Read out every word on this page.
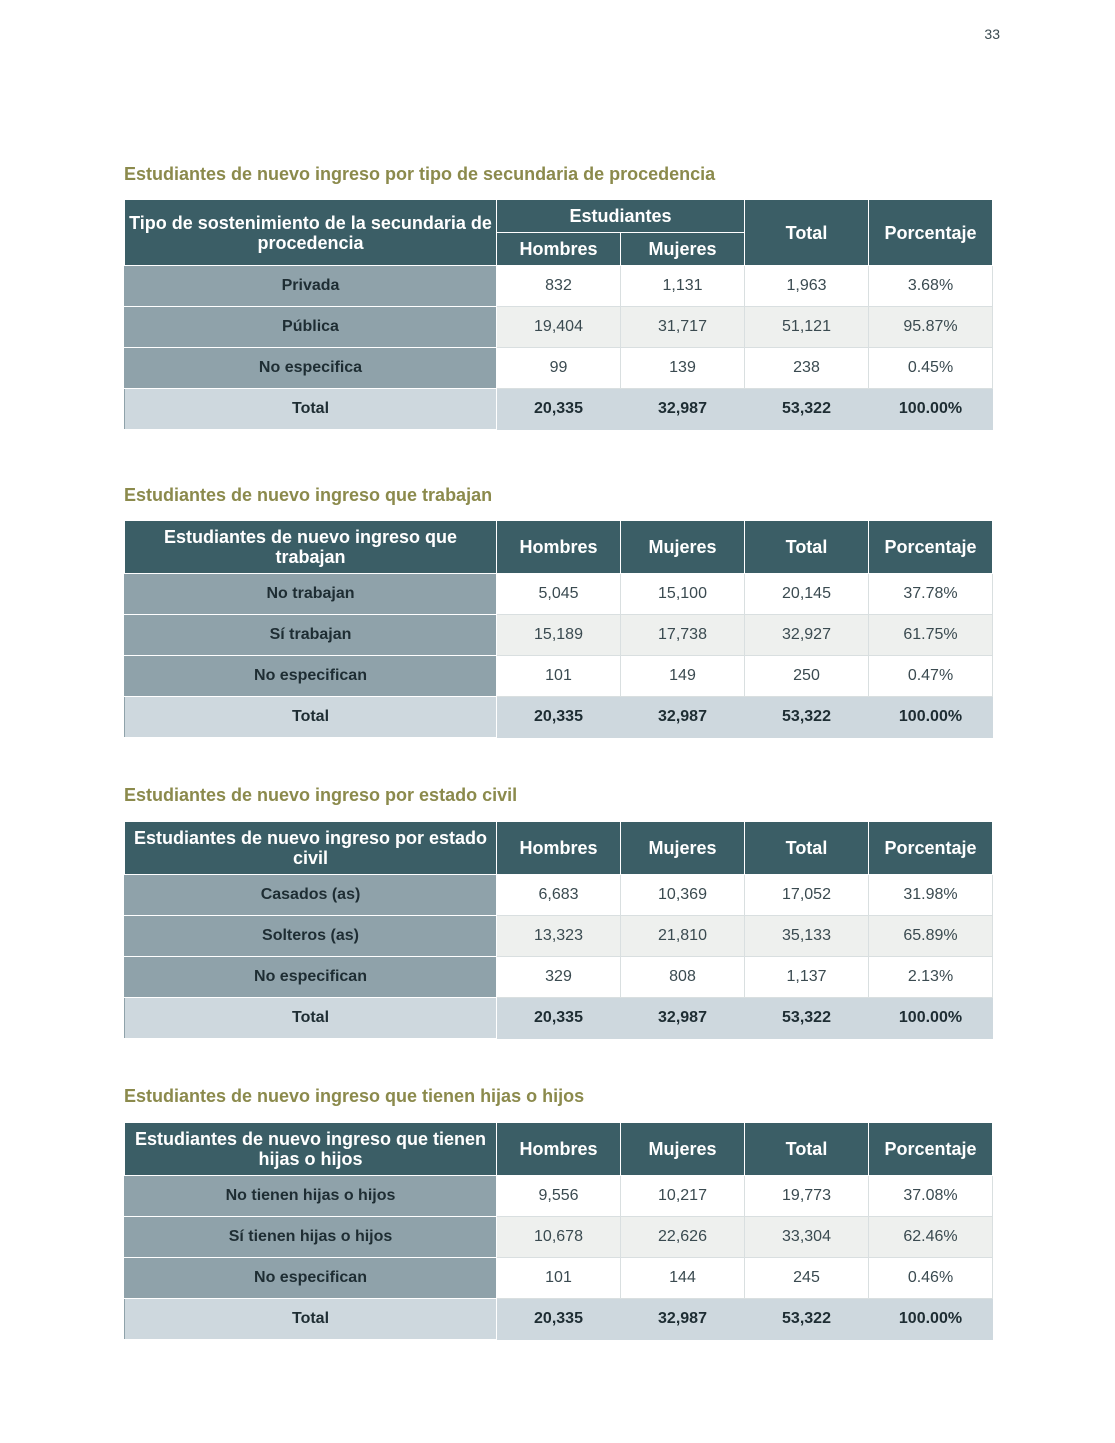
33
Estudiantes de nuevo ingreso por tipo de secundaria de procedencia
Tipo de sostenimiento de la secundaria de procedencia	Estudiantes		Total	Porcentaje
	Hombres	Mujeres		
Privada	832	1,131	1,963	3.68%
Pública	19,404	31,717	51,121	95.87%
No especifica	99	139	238	0.45%
Total	20,335	32,987	53,322	100.00%
Estudiantes de nuevo ingreso que trabajan
Estudiantes de nuevo ingreso que trabajan	Hombres	Mujeres	Total	Porcentaje
No trabajan	5,045	15,100	20,145	37.78%
Sí trabajan	15,189	17,738	32,927	61.75%
No especifican	101	149	250	0.47%
Total	20,335	32,987	53,322	100.00%
Estudiantes de nuevo ingreso por estado civil
Estudiantes de nuevo ingreso por estado civil	Hombres	Mujeres	Total	Porcentaje
Casados (as)	6,683	10,369	17,052	31.98%
Solteros (as)	13,323	21,810	35,133	65.89%
No especifican	329	808	1,137	2.13%
Total	20,335	32,987	53,322	100.00%
Estudiantes de nuevo ingreso que tienen hijas o hijos
Estudiantes de nuevo ingreso que tienen hijas o hijos	Hombres	Mujeres	Total	Porcentaje
No tienen hijas o hijos	9,556	10,217	19,773	37.08%
Sí tienen hijas o hijos	10,678	22,626	33,304	62.46%
No especifican	101	144	245	0.46%
Total	20,335	32,987	53,322	100.00%
